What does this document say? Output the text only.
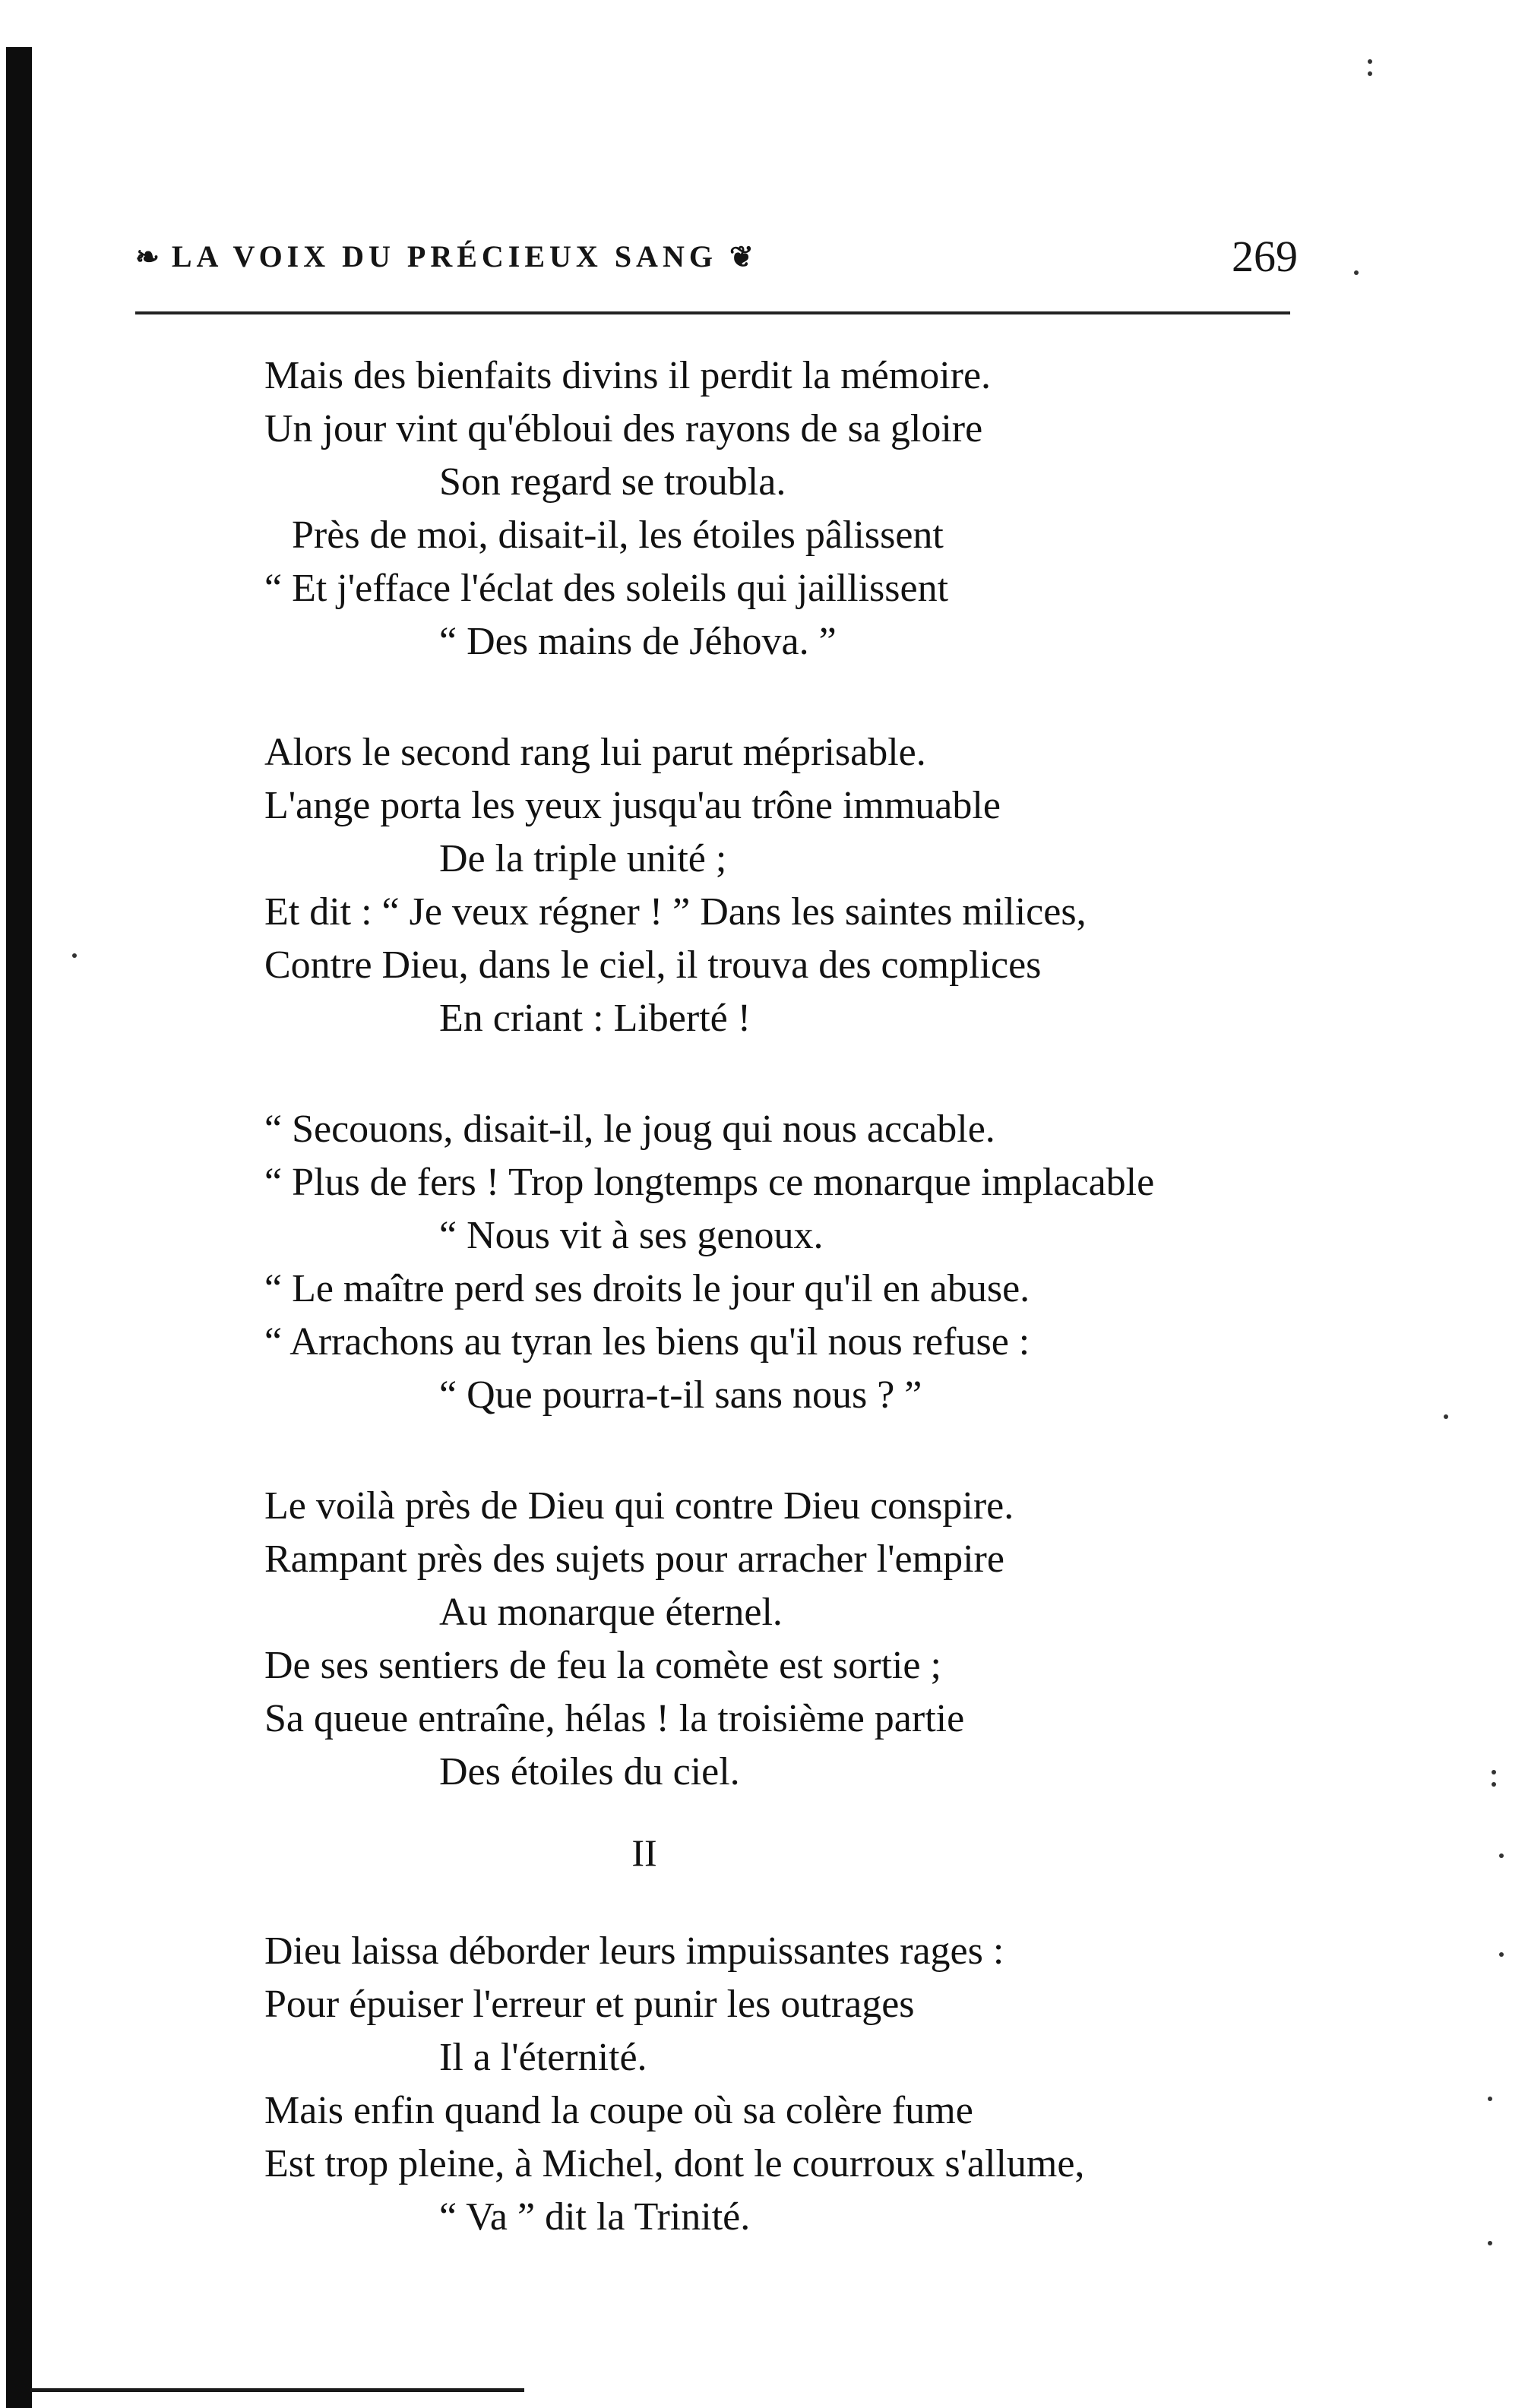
❧ LA VOIX DU PRÉCIEUX SANG ❦	269
Mais des bienfaits divins il perdit la mémoire.
Un jour vint qu'ébloui des rayons de sa gloire
Son regard se troubla.
Près de moi, disait-il, les étoiles pâlissent
“ Et j'efface l'éclat des soleils qui jaillissent
“ Des mains de Jéhova. ”
Alors le second rang lui parut méprisable.
L'ange porta les yeux jusqu'au trône immuable
De la triple unité ;
Et dit : “ Je veux régner ! ” Dans les saintes milices,
Contre Dieu, dans le ciel, il trouva des complices
En criant : Liberté !
“ Secouons, disait-il, le joug qui nous accable.
“ Plus de fers ! Trop longtemps ce monarque implacable
“ Nous vit à ses genoux.
“ Le maître perd ses droits le jour qu'il en abuse.
“ Arrachons au tyran les biens qu'il nous refuse :
“ Que pourra-t-il sans nous ? ”
Le voilà près de Dieu qui contre Dieu conspire.
Rampant près des sujets pour arracher l'empire
Au monarque éternel.
De ses sentiers de feu la comète est sortie ;
Sa queue entraîne, hélas ! la troisième partie
Des étoiles du ciel.
II
Dieu laissa déborder leurs impuissantes rages :
Pour épuiser l'erreur et punir les outrages
Il a l'éternité.
Mais enfin quand la coupe où sa colère fume
Est trop pleine, à Michel, dont le courroux s'allume,
“ Va ” dit la Trinité.
